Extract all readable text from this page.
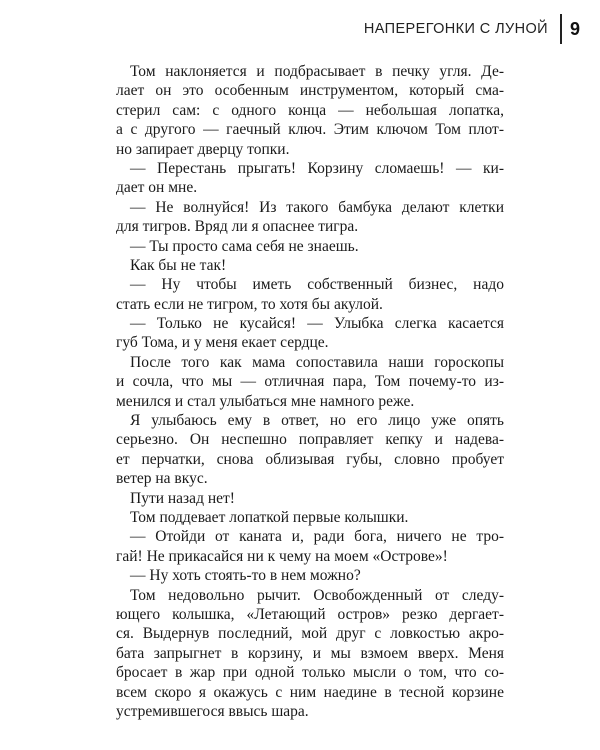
НАПЕРЕГОНКИ С ЛУНОЙ 9
Том наклоняется и подбрасывает в печку угля. Де-
лает он это особенным инструментом, который сма-
стерил сам: с одного конца — небольшая лопатка,
а с другого — гаечный ключ. Этим ключом Том плот-
но запирает дверцу топки.
— Перестань прыгать! Корзину сломаешь! — ки-
дает он мне.
— Не волнуйся! Из такого бамбука делают клетки
для тигров. Вряд ли я опаснее тигра.
— Ты просто сама себя не знаешь.
Как бы не так!
— Ну чтобы иметь собственный бизнес, надо
стать если не тигром, то хотя бы акулой.
— Только не кусайся! — Улыбка слегка касается
губ Тома, и у меня екает сердце.
После того как мама сопоставила наши гороскопы
и сочла, что мы — отличная пара, Том почему-то из-
менился и стал улыбаться мне намного реже.
Я улыбаюсь ему в ответ, но его лицо уже опять
серьезно. Он неспешно поправляет кепку и надева-
ет перчатки, снова облизывая губы, словно пробует
ветер на вкус.
Пути назад нет!
Том поддевает лопаткой первые колышки.
— Отойди от каната и, ради бога, ничего не тро-
гай! Не прикасайся ни к чему на моем «Острове»!
— Ну хоть стоять-то в нем можно?
Том недовольно рычит. Освобожденный от следу-
ющего колышка, «Летающий остров» резко дергает-
ся. Выдернув последний, мой друг с ловкостью акро-
бата запрыгнет в корзину, и мы взмоем вверх. Меня
бросает в жар при одной только мысли о том, что со-
всем скоро я окажусь с ним наедине в тесной корзине
устремившегося ввысь шара.
